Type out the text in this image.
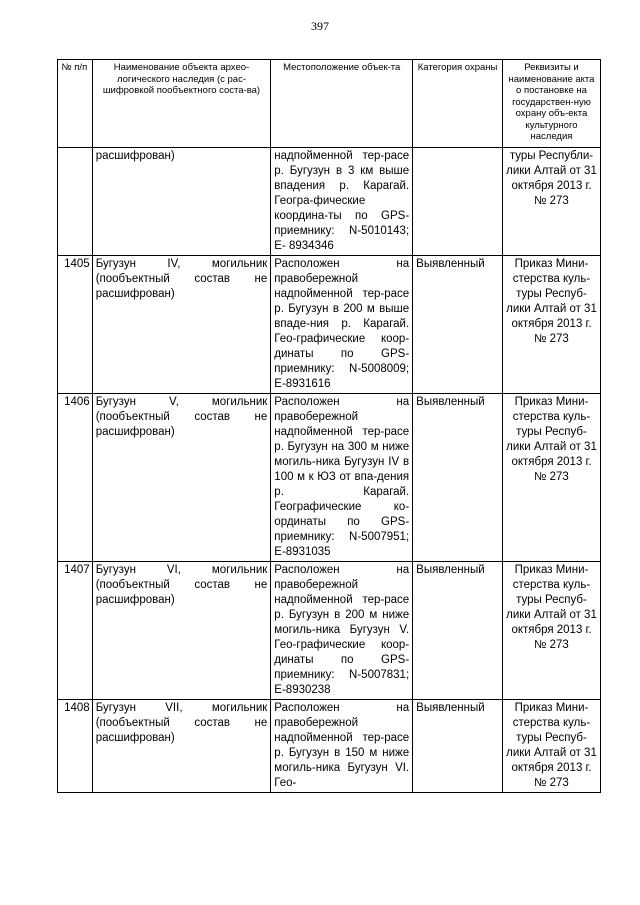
397
№ п/п	Наименование объекта архео-логического наследия (с рас-шифровкой пообъектного соста-ва)	Местоположение объек-та	Категория охраны	Реквизиты и наименование акта о постановке на государствен-ную охрану объ-екта культурного наследия
	расшифрован)	надпойменной тер-расе р. Бугузун в 3 км выше впадения р. Карагай. Геогра-фические координа-ты по GPS-приемнику: N-5010143; E- 8934346		туры Республи-лики Алтай от 31 октября 2013 г. № 273
1405	Бугузун IV, могильник (пообъектный состав не расшифрован)	Расположен на правобережной надпойменной тер-расе р. Бугузун в 200 м выше впаде-ния р. Карагай. Гео-графические коор-динаты по GPS-приемнику: N-5008009; E-8931616	Выявленный	Приказ Мини-стерства куль-туры Респуб-лики Алтай от 31 октября 2013 г. № 273
1406	Бугузун V, могильник (пообъектный состав не расшифрован)	Расположен на правобережной надпойменной тер-расе р. Бугузун на 300 м ниже могиль-ника Бугузун IV в 100 м к ЮЗ от впа-дения р. Карагай. Географические ко-ординаты по GPS-приемнику: N-5007951; E-8931035	Выявленный	Приказ Мини-стерства куль-туры Респуб-лики Алтай от 31 октября 2013 г. № 273
1407	Бугузун VI, могильник (пообъектный состав не расшифрован)	Расположен на правобережной надпойменной тер-расе р. Бугузун в 200 м ниже могиль-ника Бугузун V. Гео-графические коор-динаты по GPS-приемнику: N-5007831; E-8930238	Выявленный	Приказ Мини-стерства куль-туры Респуб-лики Алтай от 31 октября 2013 г. № 273
1408	Бугузун VII, могильник (пообъектный состав не расшифрован)	Расположен на правобережной надпойменной тер-расе р. Бугузун в 150 м ниже могиль-ника Бугузун VI. Гео-	Выявленный	Приказ Мини-стерства куль-туры Респуб-лики Алтай от 31 октября 2013 г. № 273
